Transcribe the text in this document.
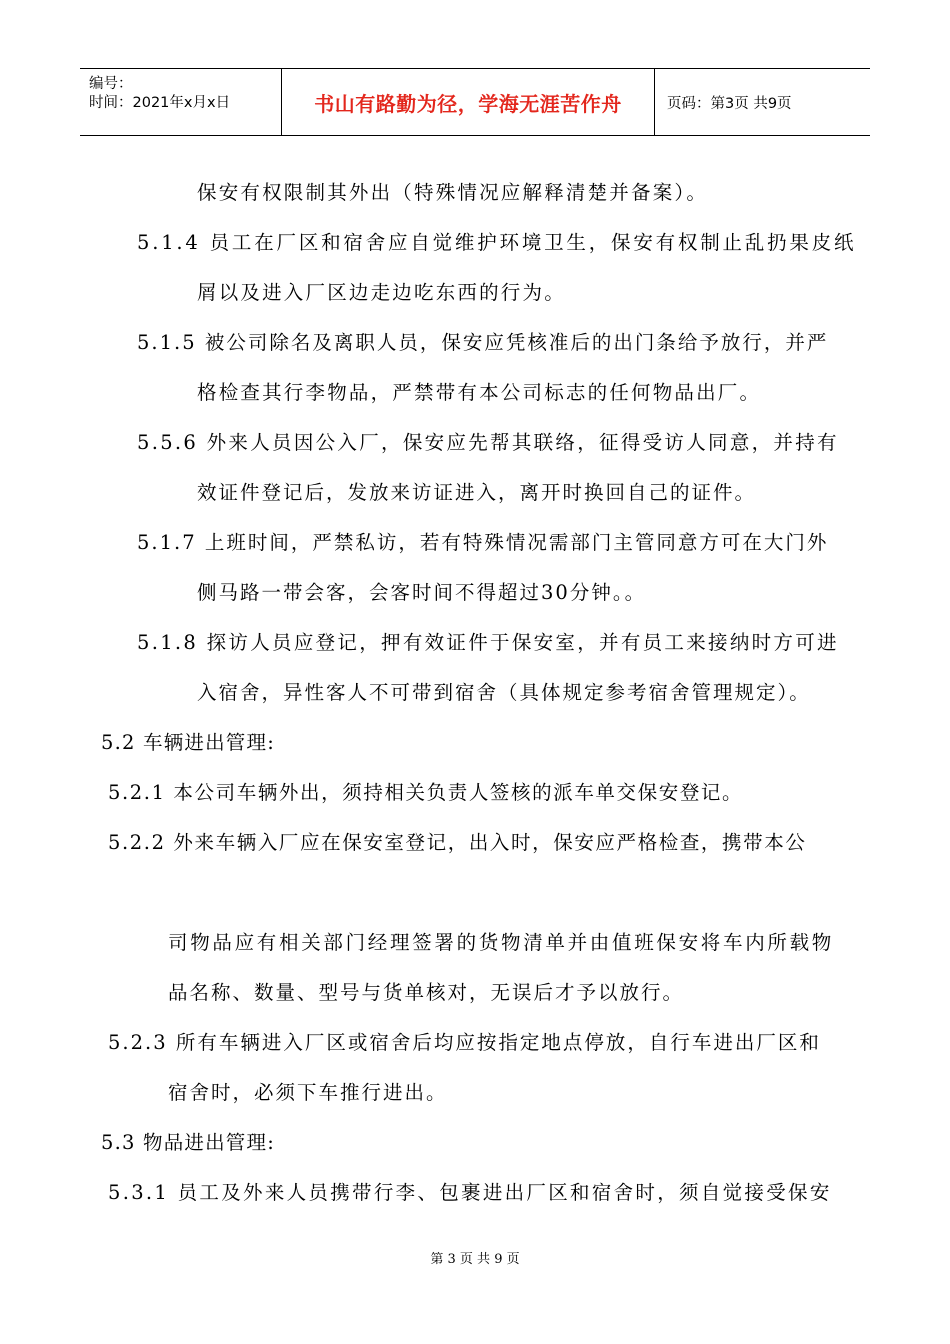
编号：
时间：2021年x月x日	书山有路勤为径，学海无涯苦作舟	页码：第3页 共9页
保安有权限制其外出（特殊情况应解释清楚并备案）。
5.1.4 员工在厂区和宿舍应自觉维护环境卫生，保安有权制止乱扔果皮纸
屑以及进入厂区边走边吃东西的行为。
5.1.5 被公司除名及离职人员，保安应凭核准后的出门条给予放行，并严
格检查其行李物品，严禁带有本公司标志的任何物品出厂。
5.5.6 外来人员因公入厂，保安应先帮其联络，征得受访人同意，并持有
效证件登记后，发放来访证进入，离开时换回自己的证件。
5.1.7 上班时间，严禁私访，若有特殊情况需部门主管同意方可在大门外
侧马路一带会客，会客时间不得超过30分钟。。
5.1.8 探访人员应登记，押有效证件于保安室，并有员工来接纳时方可进
入宿舍，异性客人不可带到宿舍（具体规定参考宿舍管理规定）。
5.2 车辆进出管理:
5.2.1 本公司车辆外出，须持相关负责人签核的派车单交保安登记。
5.2.2 外来车辆入厂应在保安室登记，出入时，保安应严格检查，携带本公
司物品应有相关部门经理签署的货物清单并由值班保安将车内所载物
品名称、数量、型号与货单核对，无误后才予以放行。
5.2.3 所有车辆进入厂区或宿舍后均应按指定地点停放，自行车进出厂区和
宿舍时，必须下车推行进出。
5.3 物品进出管理:
5.3.1 员工及外来人员携带行李、包裹进出厂区和宿舍时，须自觉接受保安
第 3 页 共 9 页
